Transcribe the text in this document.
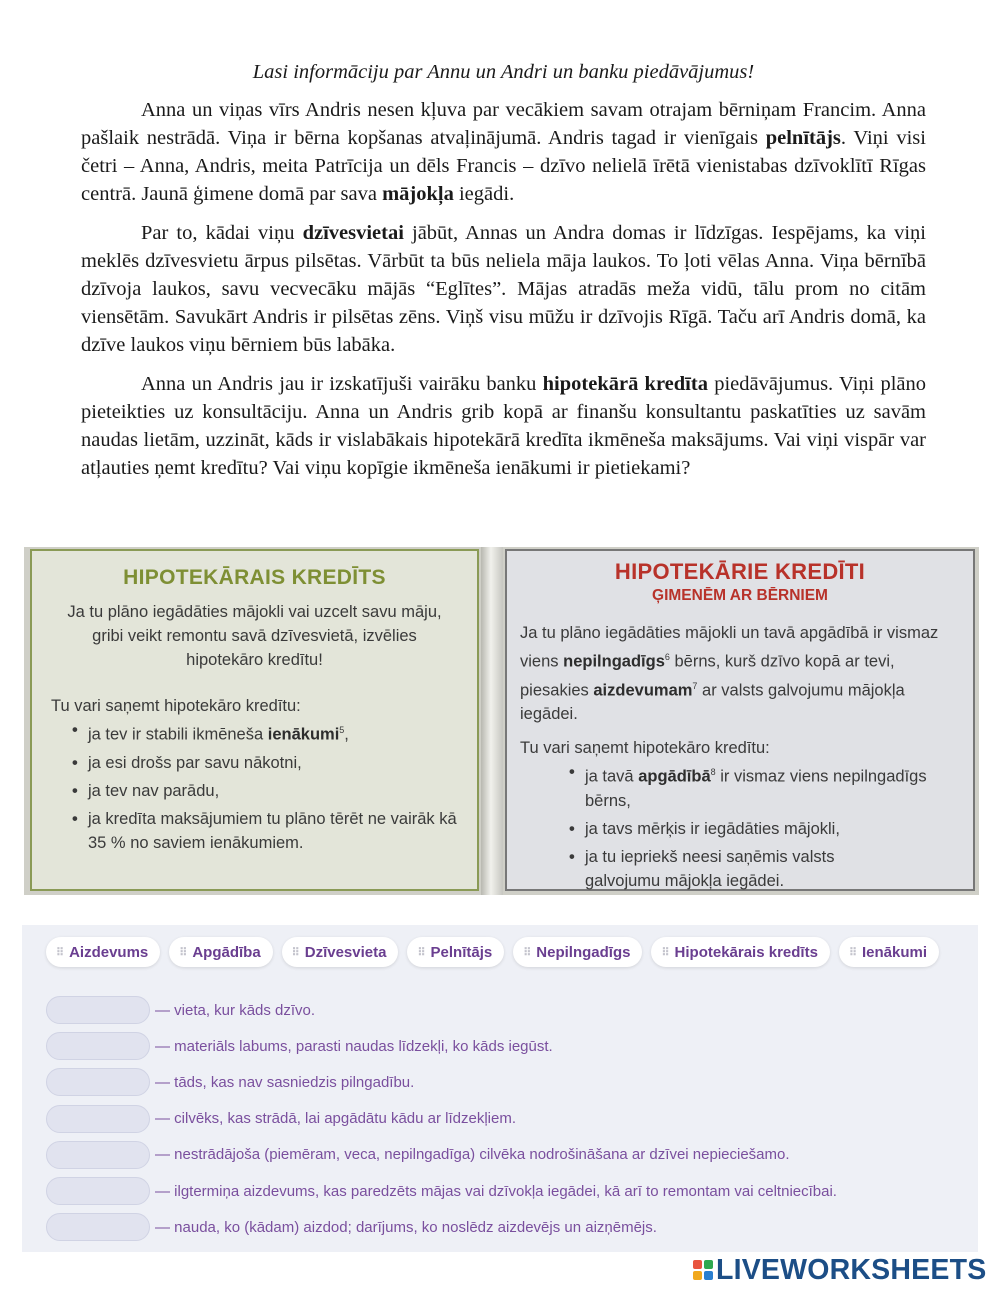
Lasi informāciju par Annu un Andri un banku piedāvājumus!

Anna un viņas vīrs Andris nesen kļuva par vecākiem savam otrajam bērniņam Francim. Anna pašlaik nestrādā. Viņa ir bērna kopšanas atvaļinājumā. Andris tagad ir vienīgais pelnītājs. Viņi visi četri – Anna, Andris, meita Patrīcija un dēls Francis – dzīvo nelielā īrētā vienistabas dzīvoklītī Rīgas centrā. Jaunā ģimene domā par sava mājokļa iegādi.

Par to, kādai viņu dzīvesvietai jābūt, Annas un Andra domas ir līdzīgas. Iespējams, ka viņi meklēs dzīvesvietu ārpus pilsētas. Vārbūt ta būs neliela māja laukos. To ļoti vēlas Anna. Viņa bērnībā dzīvoja laukos, savu vecvecāku mājās “Eglītes”. Mājas atradās meža vidū, tālu prom no citām viensētām. Savukārt Andris ir pilsētas zēns. Viņš visu mūžu ir dzīvojis Rīgā. Taču arī Andris domā, ka dzīve laukos viņu bērniem būs labāka.

Anna un Andris jau ir izskatījuši vairāku banku hipotekārā kredīta piedāvājumus. Viņi plāno pieteikties uz konsultāciju. Anna un Andris grib kopā ar finanšu konsultantu paskatīties uz savām naudas lietām, uzzināt, kāds ir vislabākais hipotekārā kredīta ikmēneša maksājums. Vai viņi vispār var atļauties ņemt kredītu? Vai viņu kopīgie ikmēneša ienākumi ir pietiekami?

HIPOTEKĀRAIS KREDĪTS
Ja tu plāno iegādāties mājokli vai uzcelt savu māju, gribi veikt remontu savā dzīvesvietā, izvēlies hipotekāro kredītu!
Tu vari saņemt hipotekāro kredītu:
• ja tev ir stabili ikmēneša ienākumi$^5$,
• ja esi drošs par savu nākotni,
• ja tev nav parādu,
• ja kredīta maksājumiem tu plāno tērēt ne vairāk kā 35 % no saviem ienākumiem.
HIPOTEKĀRIE KREDĪTI
ĢIMENĒM AR BĒRNIEM
Ja tu plāno iegādāties mājokli un tavā apgādībā ir vismaz viens nepilngadīgs$^6$ bērns, kurš dzīvo kopā ar tevi, piesakies aizdevumam$^7$ ar valsts galvojumu mājokļa iegādei.
Tu vari saņemt hipotekāro kredītu:
• ja tavā apgādībā$^8$ ir vismaz viens nepilngadīgs bērns,
• ja tavs mērķis ir iegādāties mājokli,
• ja tu iepriekš neesi saņēmis valsts galvojumu mājokļa iegādei.
⠿ Aizdevums	⠿ Apgādība	⠿ Dzīvesvieta	⠿ Pelnītājs	⠿ Nepilngadīgs	⠿ Hipotekārais kredīts	⠿ Ienākumi
— vieta, kur kāds dzīvo.
— materiāls labums, parasti naudas līdzekļi, ko kāds iegūst.
— tāds, kas nav sasniedzis pilngadību.
— cilvēks, kas strādā, lai apgādātu kādu ar līdzekļiem.
— nestrādājoša (piemēram, veca, nepilngadīga) cilvēka nodrošināšana ar dzīvei nepieciešamo.
— ilgtermiņa aizdevums, kas paredzēts mājas vai dzīvokļa iegādei, kā arī to remontam vai celtniecībai.
— nauda, ko (kādam) aizdod; darījums, ko noslēdz aizdevējs un aizņēmējs.
LIVEWORKSHEETS
